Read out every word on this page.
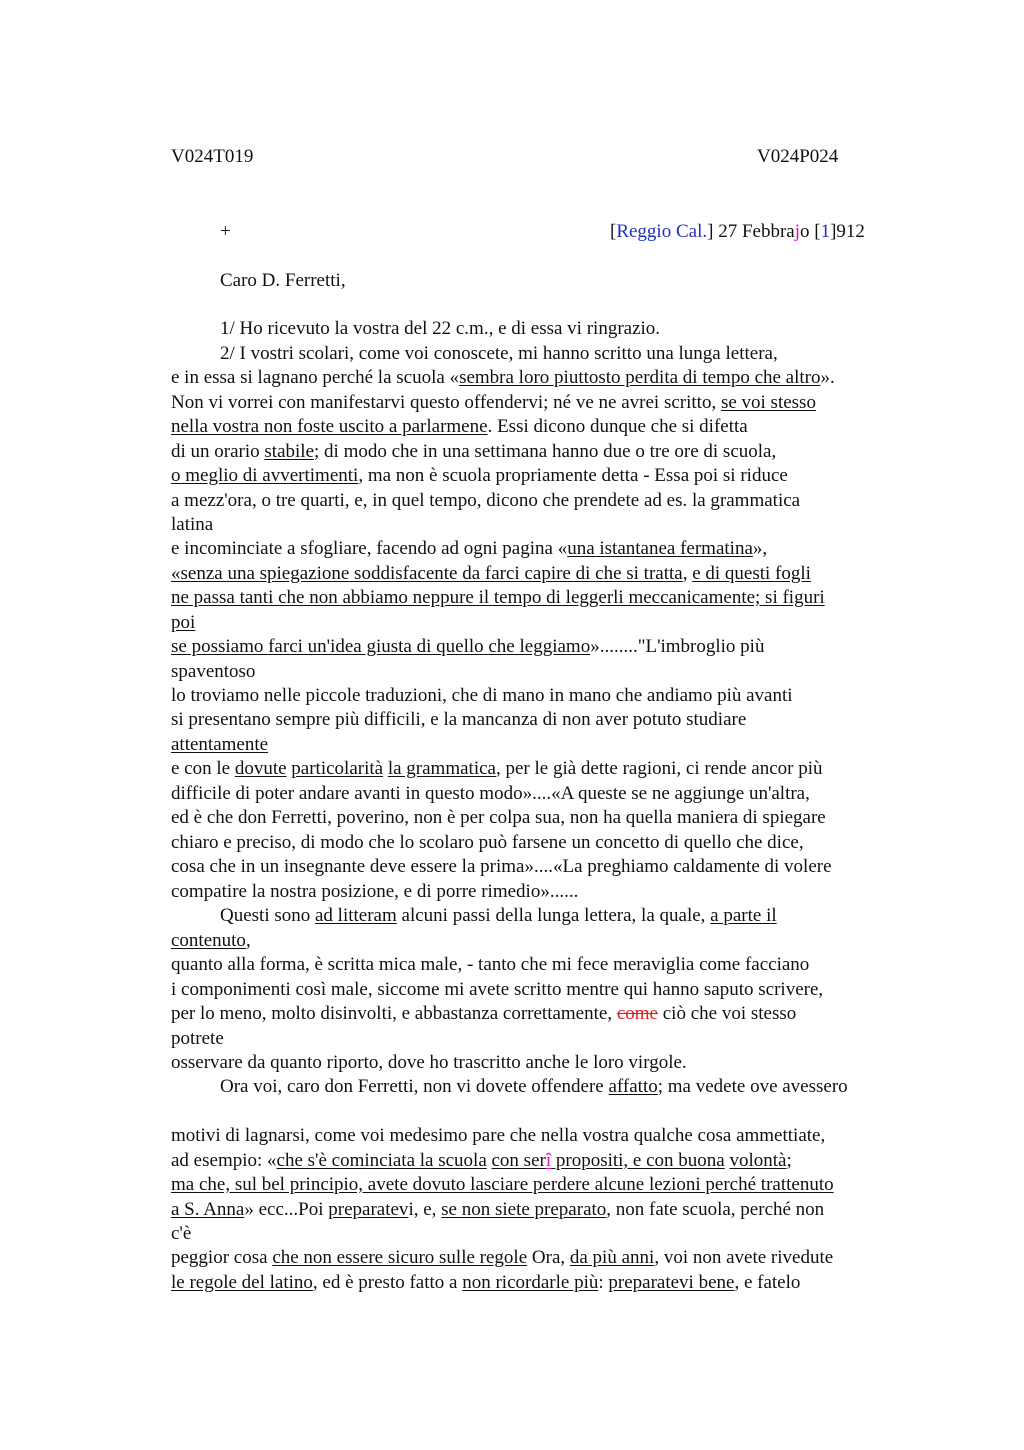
V024T019	V024P024
+	[Reggio Cal.] 27 Febbrajo [1]912
Caro D. Ferretti,
1/ Ho ricevuto la vostra del 22 c.m., e di essa vi ringrazio.
2/ I vostri scolari, come voi conoscete, mi hanno scritto una lunga lettera,
e in essa si lagnano perché la scuola «sembra loro piuttosto perdita di tempo che altro».
Non vi vorrei con manifestarvi questo offendervi; né ve ne avrei scritto, se voi stesso
nella vostra non foste uscito a parlarmene. Essi dicono dunque che si difetta
di un orario stabile; di modo che in una settimana hanno due o tre ore di scuola,
o meglio di avvertimenti, ma non è scuola propriamente detta - Essa poi si riduce
a mezz'ora, o tre quarti, e, in quel tempo, dicono che prendete ad es. la grammatica
latina
e incominciate a sfogliare, facendo ad ogni pagina «una istantanea fermatina»,
«senza una spiegazione soddisfacente da farci capire di che si tratta, e di questi fogli
ne passa tanti che non abbiamo neppure il tempo di leggerli meccanicamente; si figuri
poi
se possiamo farci un'idea giusta di quello che leggiamo»........"L'imbroglio più
spaventoso
lo troviamo nelle piccole traduzioni, che di mano in mano che andiamo più avanti
si presentano sempre più difficili, e la mancanza di non aver potuto studiare
attentamente
e con le dovute particolarità la grammatica, per le già dette ragioni, ci rende ancor più
difficile di poter andare avanti in questo modo»....«A queste se ne aggiunge un'altra,
ed è che don Ferretti, poverino, non è per colpa sua, non ha quella maniera di spiegare
chiaro e preciso, di modo che lo scolaro può farsene un concetto di quello che dice,
cosa che in un insegnante deve essere la prima»....«La preghiamo caldamente di volere
compatire la nostra posizione, e di porre rimedio»......
Questi sono ad litteram alcuni passi della lunga lettera, la quale, a parte il
contenuto,
quanto alla forma, è scritta mica male, - tanto che mi fece meraviglia come facciano
i componimenti così male, siccome mi avete scritto mentre qui hanno saputo scrivere,
per lo meno, molto disinvolti, e abbastanza correttamente, come ciò che voi stesso
potrete
osservare da quanto riporto, dove ho trascritto anche le loro virgole.
Ora voi, caro don Ferretti, non vi dovete offendere affatto; ma vedete ove avessero
motivi di lagnarsi, come voi medesimo pare che nella vostra qualche cosa ammettiate,
ad esempio: «che s'è cominciata la scuola con serî propositi, e con buona volontà;
ma che, sul bel principio, avete dovuto lasciare perdere alcune lezioni perché trattenuto
a S. Anna» ecc...Poi preparatevi, e, se non siete preparato, non fate scuola, perché non
c'è
peggior cosa che non essere sicuro sulle regole Ora, da più anni, voi non avete rivedute
le regole del latino, ed è presto fatto a non ricordarle più: preparatevi bene, e fatelo
